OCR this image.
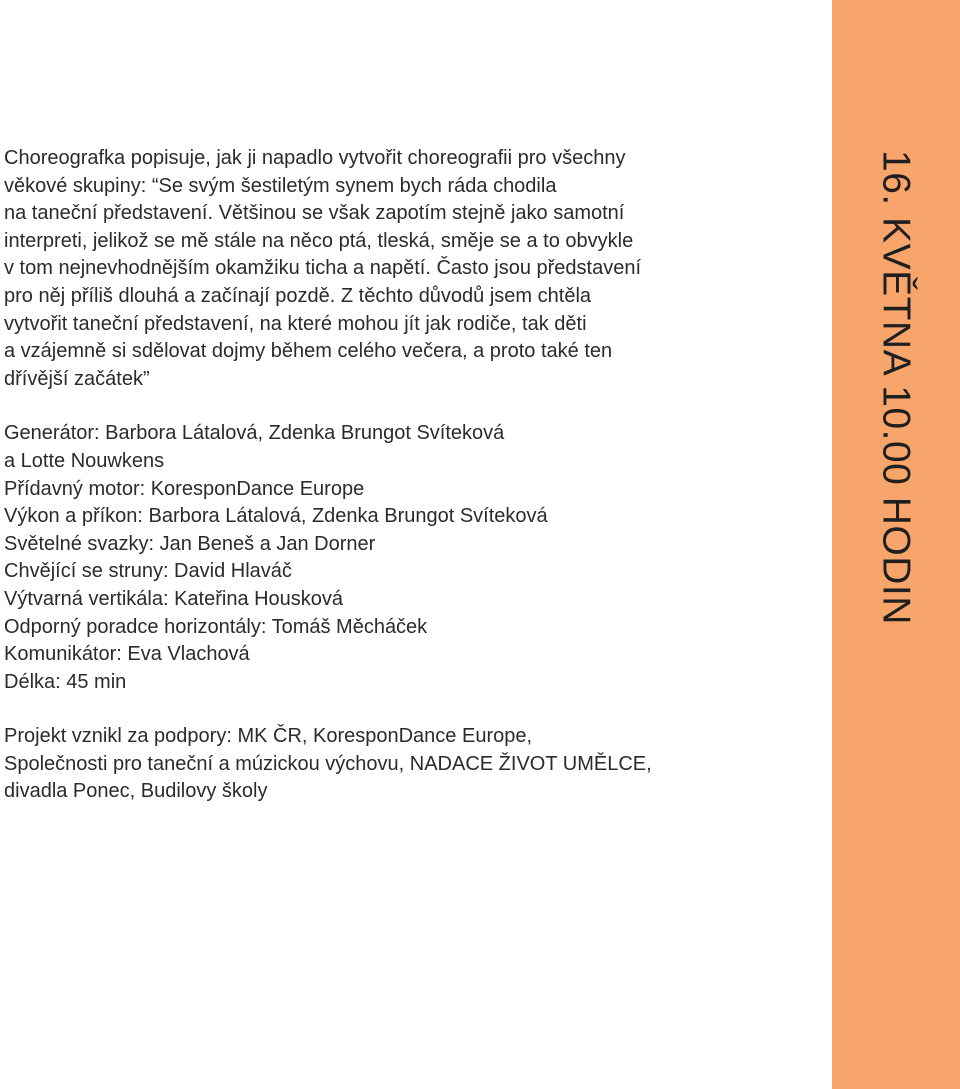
16. KVĚTNA 10.00 HODIN
Choreografka popisuje, jak ji napadlo vytvořit choreografii pro všechny
věkové skupiny: “Se svým šestiletým synem bych ráda chodila
na taneční představení. Většinou se však zapotím stejně jako samotní
interpreti, jelikož se mě stále na něco ptá, tleská, směje se a to obvykle
v tom nejnevhodnějším okamžiku ticha a napětí. Často jsou představení
pro něj příliš dlouhá a začínají pozdě. Z těchto důvodů jsem chtěla
vytvořit taneční představení, na které mohou jít jak rodiče, tak děti
a vzájemně si sdělovat dojmy během celého večera, a proto také ten
dřívější začátek”
Generátor: Barbora Látalová, Zdenka Brungot Svíteková
a Lotte Nouwkens
Přídavný motor: KoresponDance Europe
Výkon a příkon: Barbora Látalová, Zdenka Brungot Svíteková
Světelné svazky: Jan Beneš a Jan Dorner
Chvějící se struny: David Hlaváč
Výtvarná vertikála: Kateřina Housková
Odporný poradce horizontály: Tomáš Měcháček
Komunikátor: Eva Vlachová
Délka: 45 min
Projekt vznikl za podpory: MK ČR, KoresponDance Europe,
Společnosti pro taneční a múzickou výchovu, NADACE ŽIVOT UMĚLCE,
divadla Ponec, Budilovy školy
